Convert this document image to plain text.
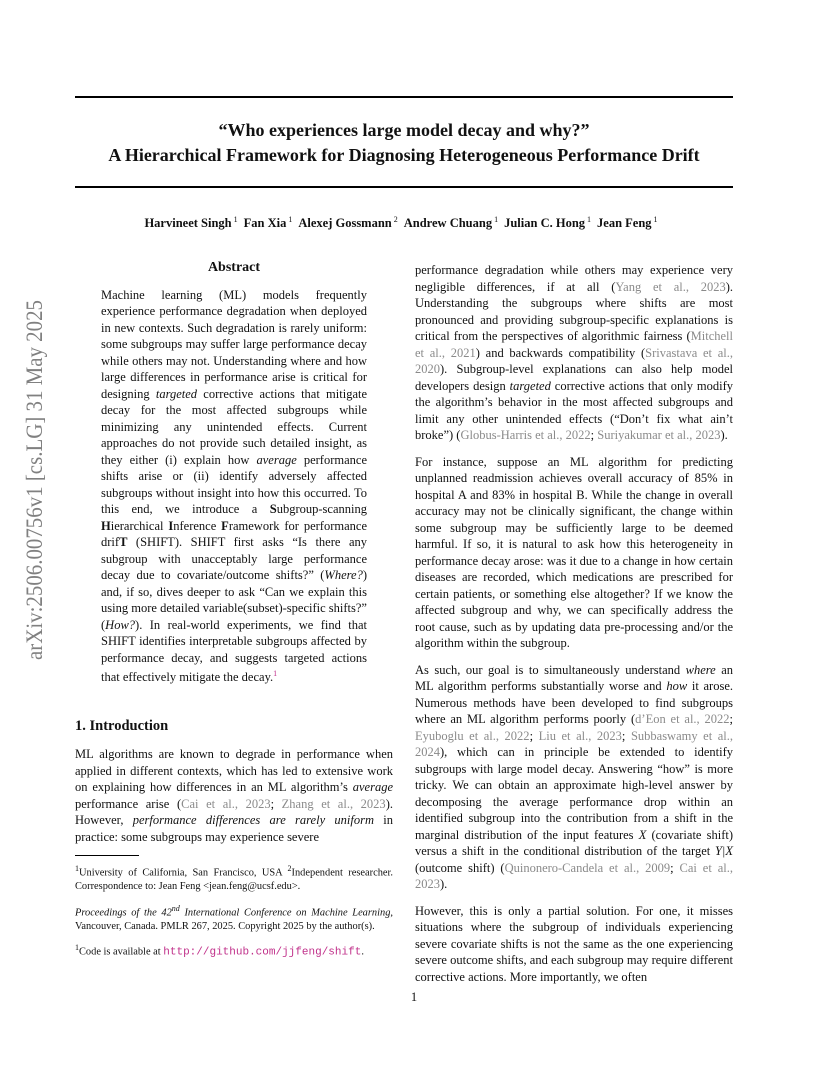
“Who experiences large model decay and why?”
A Hierarchical Framework for Diagnosing Heterogeneous Performance Drift
Harvineet Singh $^1$ Fan Xia $^1$ Alexej Gossmann $^2$ Andrew Chuang $^1$ Julian C. Hong $^1$ Jean Feng $^1$
arXiv:2506.00756v1 [cs.LG] 31 May 2025	Abstract
Machine learning (ML) models frequently experience performance degradation when deployed in new contexts. Such degradation is rarely uniform: some subgroups may suffer large performance decay while others may not. Understanding where and how large differences in performance arise is critical for designing targeted corrective actions that mitigate decay for the most affected subgroups while minimizing any unintended effects. Current approaches do not provide such detailed insight, as they either (i) explain how average performance shifts arise or (ii) identify adversely affected subgroups without insight into how this occurred. To this end, we introduce a Subgroup-scanning Hierarchical Inference Framework for performance drifT (SHIFT). SHIFT first asks “Is there any subgroup with unacceptably large performance decay due to covariate/outcome shifts?” (Where?) and, if so, dives deeper to ask “Can we explain this using more detailed variable(subset)-specific shifts?” (How?). In real-world experiments, we find that SHIFT identifies interpretable subgroups affected by performance decay, and suggests targeted actions that effectively mitigate the decay.$^1$
1. Introduction

ML algorithms are known to degrade in performance when applied in different contexts, which has led to extensive work on explaining how differences in an ML algorithm’s average performance arise (Cai et al., 2023; Zhang et al., 2023). However, performance differences are rarely uniform in practice: some subgroups may experience severe

$^1$University of California, San Francisco, USA $^2$Independent researcher. Correspondence to: Jean Feng <jean.feng@ucsf.edu>.
Proceedings of the 42nd International Conference on Machine Learning, Vancouver, Canada. PMLR 267, 2025. Copyright 2025 by the author(s).
$^1$Code is available at http://github.com/jjfeng/shift.

performance degradation while others may experience very negligible differences, if at all (Yang et al., 2023). Understanding the subgroups where shifts are most pronounced and providing subgroup-specific explanations is critical from the perspectives of algorithmic fairness (Mitchell et al., 2021) and backwards compatibility (Srivastava et al., 2020). Subgroup-level explanations can also help model developers design targeted corrective actions that only modify the algorithm’s behavior in the most affected subgroups and limit any other unintended effects (“Don’t fix what ain’t broke”) (Globus-Harris et al., 2022; Suriyakumar et al., 2023).

For instance, suppose an ML algorithm for predicting unplanned readmission achieves overall accuracy of 85% in hospital A and 83% in hospital B. While the change in overall accuracy may not be clinically significant, the change within some subgroup may be sufficiently large to be deemed harmful. If so, it is natural to ask how this heterogeneity in performance decay arose: was it due to a change in how certain diseases are recorded, which medications are prescribed for certain patients, or something else altogether? If we know the affected subgroup and why, we can specifically address the root cause, such as by updating data pre-processing and/or the algorithm within the subgroup.

As such, our goal is to simultaneously understand where an ML algorithm performs substantially worse and how it arose. Numerous methods have been developed to find subgroups where an ML algorithm performs poorly (d’Eon et al., 2022; Eyuboglu et al., 2022; Liu et al., 2023; Subbaswamy et al., 2024), which can in principle be extended to identify subgroups with large model decay. Answering “how” is more tricky. We can obtain an approximate high-level answer by decomposing the average performance drop within an identified subgroup into the contribution from a shift in the marginal distribution of the input features X (covariate shift) versus a shift in the conditional distribution of the target Y|X (outcome shift) (Quinonero-Candela et al., 2009; Cai et al., 2023).

However, this is only a partial solution. For one, it misses situations where the subgroup of individuals experiencing severe covariate shifts is not the same as the one experiencing severe outcome shifts, and each subgroup may require different corrective actions. More importantly, we often

1
